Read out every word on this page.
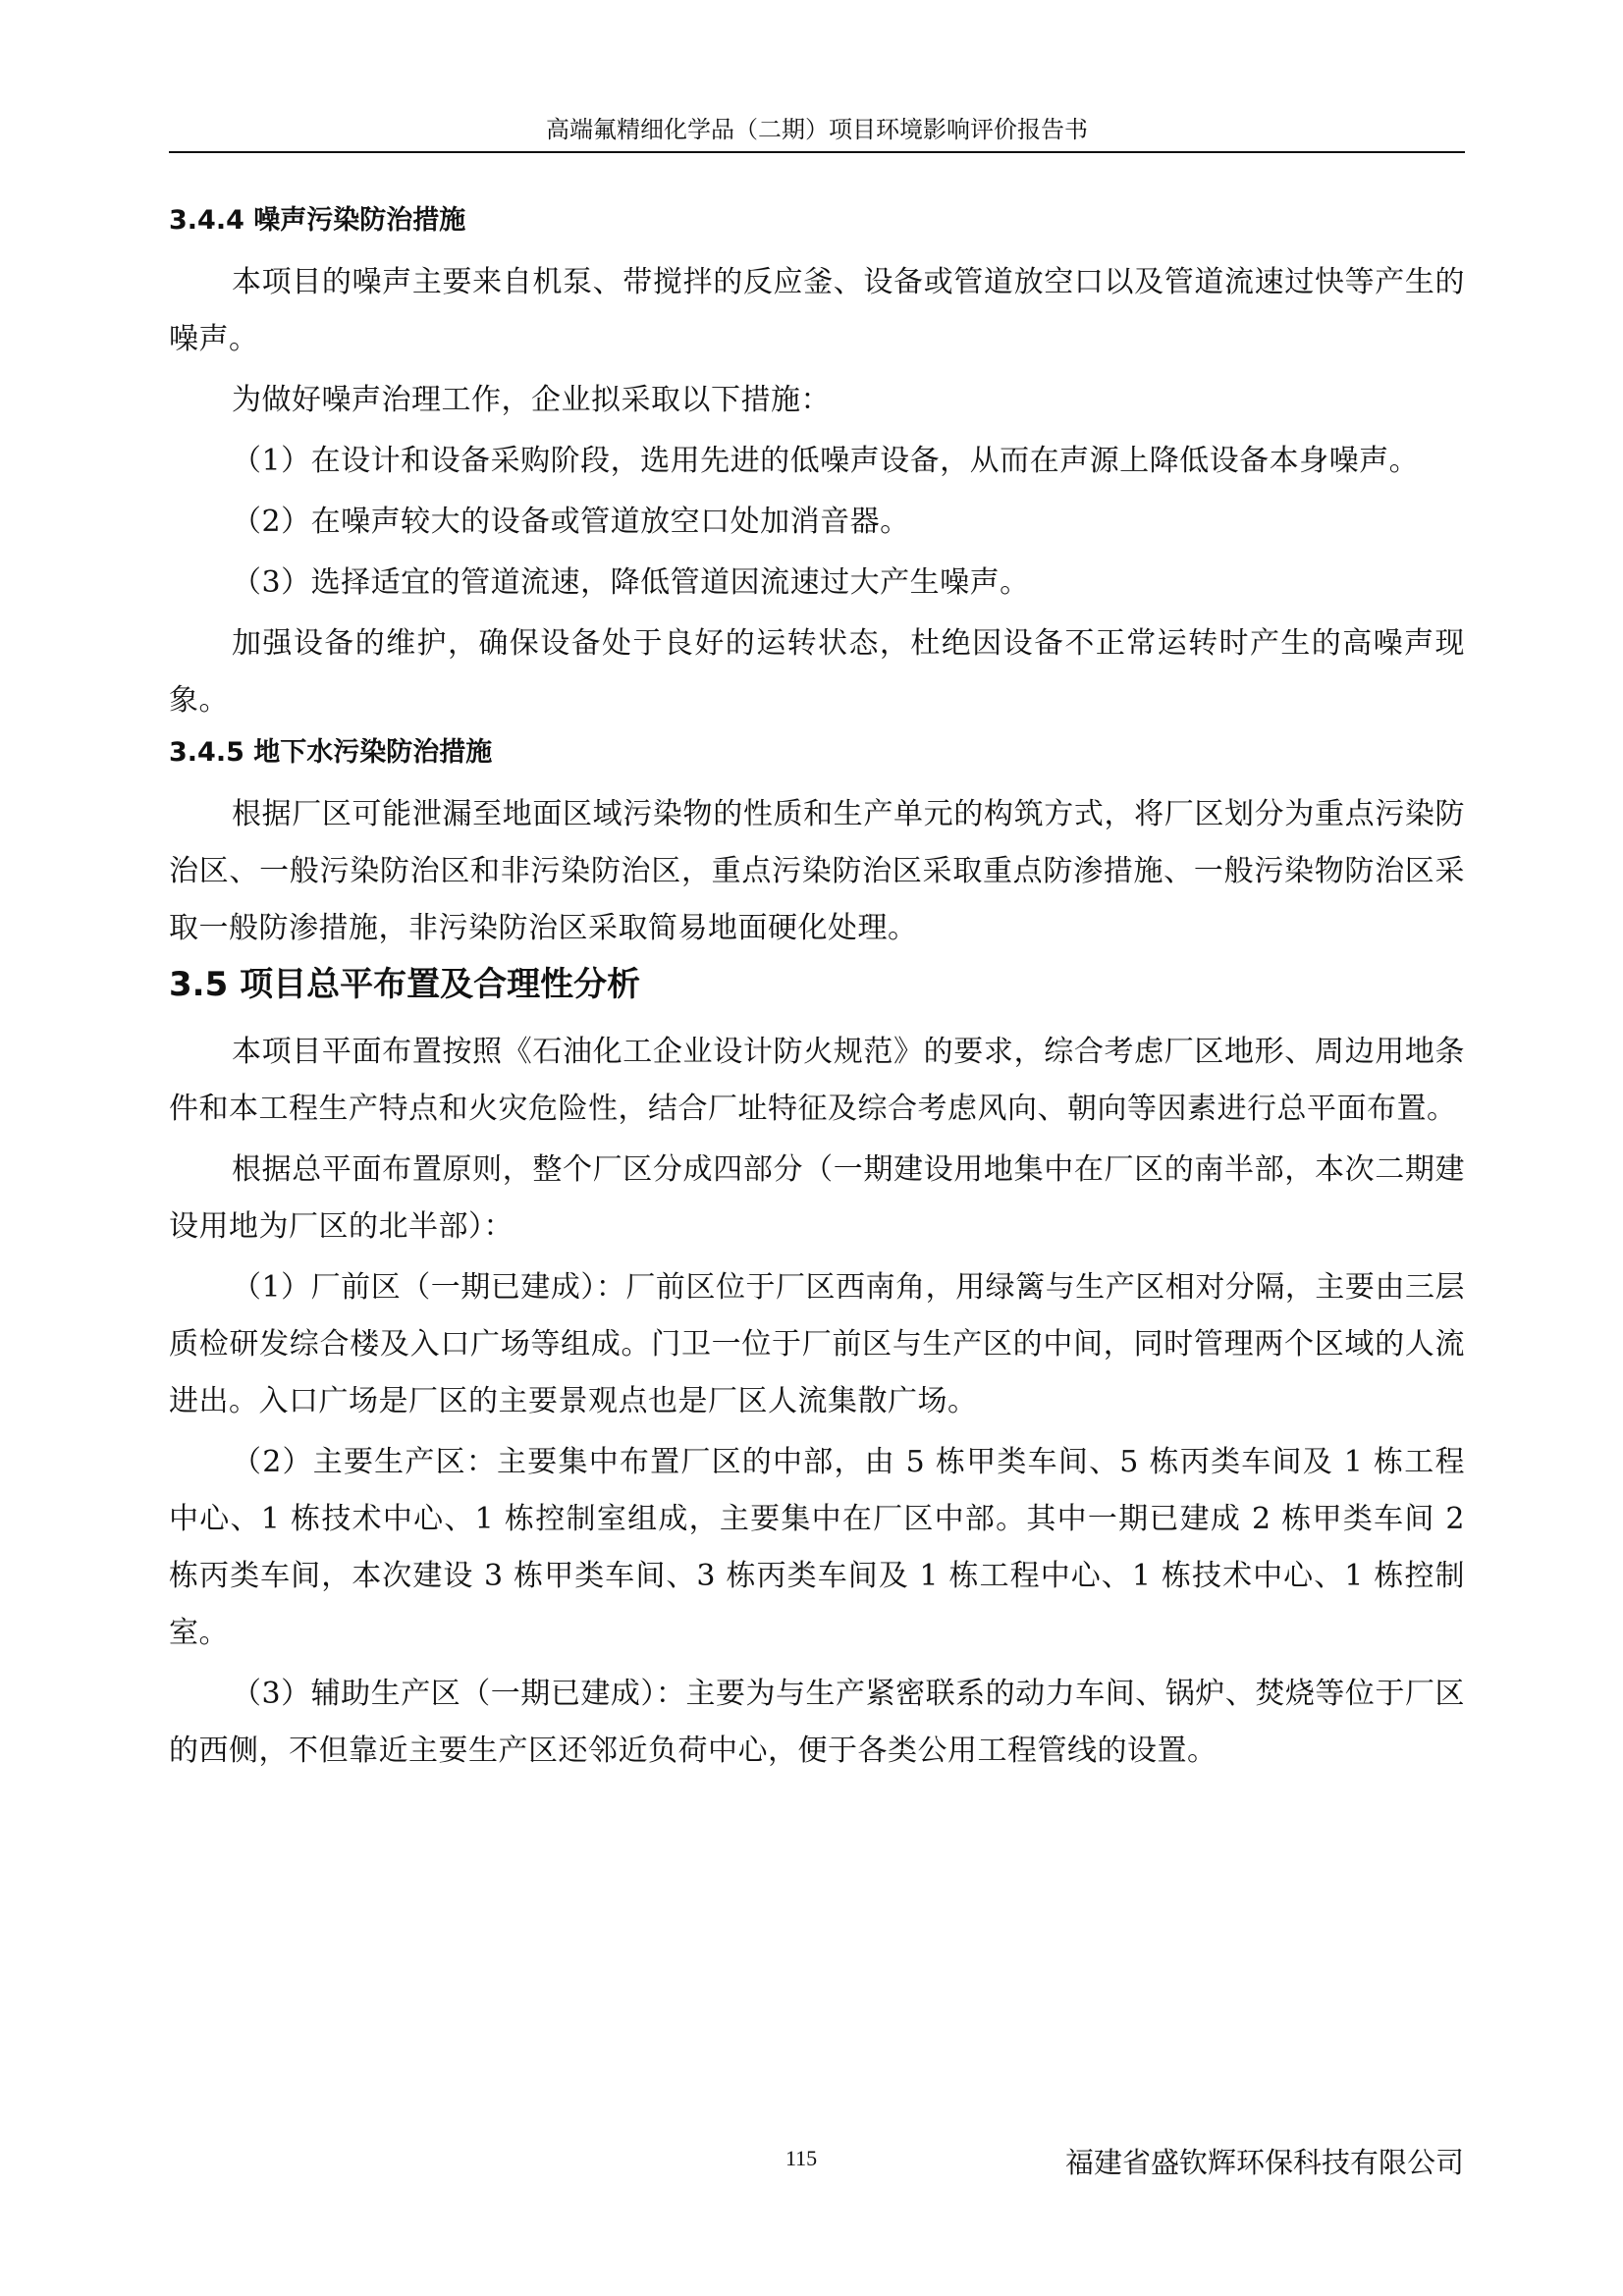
高端氟精细化学品（二期）项目环境影响评价报告书
3.4.4 噪声污染防治措施
本项目的噪声主要来自机泵、带搅拌的反应釜、设备或管道放空口以及管道流速过快等产生的噪声。
为做好噪声治理工作，企业拟采取以下措施：
（1）在设计和设备采购阶段，选用先进的低噪声设备，从而在声源上降低设备本身噪声。
（2）在噪声较大的设备或管道放空口处加消音器。
（3）选择适宜的管道流速，降低管道因流速过大产生噪声。
加强设备的维护，确保设备处于良好的运转状态，杜绝因设备不正常运转时产生的高噪声现象。
3.4.5 地下水污染防治措施
根据厂区可能泄漏至地面区域污染物的性质和生产单元的构筑方式，将厂区划分为重点污染防治区、一般污染防治区和非污染防治区，重点污染防治区采取重点防渗措施、一般污染物防治区采取一般防渗措施，非污染防治区采取简易地面硬化处理。
3.5 项目总平布置及合理性分析
本项目平面布置按照《石油化工企业设计防火规范》的要求，综合考虑厂区地形、周边用地条件和本工程生产特点和火灾危险性，结合厂址特征及综合考虑风向、朝向等因素进行总平面布置。
根据总平面布置原则，整个厂区分成四部分（一期建设用地集中在厂区的南半部，本次二期建设用地为厂区的北半部）：
（1）厂前区（一期已建成）：厂前区位于厂区西南角，用绿篱与生产区相对分隔，主要由三层质检研发综合楼及入口广场等组成。门卫一位于厂前区与生产区的中间，同时管理两个区域的人流进出。入口广场是厂区的主要景观点也是厂区人流集散广场。
（2）主要生产区：主要集中布置厂区的中部，由 5 栋甲类车间、5 栋丙类车间及 1 栋工程中心、1 栋技术中心、1 栋控制室组成，主要集中在厂区中部。其中一期已建成 2 栋甲类车间 2 栋丙类车间，本次建设 3 栋甲类车间、3 栋丙类车间及 1 栋工程中心、1 栋技术中心、1 栋控制室。
（3）辅助生产区（一期已建成）：主要为与生产紧密联系的动力车间、锅炉、焚烧等位于厂区的西侧，不但靠近主要生产区还邻近负荷中心，便于各类公用工程管线的设置。
115	福建省盛钦辉环保科技有限公司
